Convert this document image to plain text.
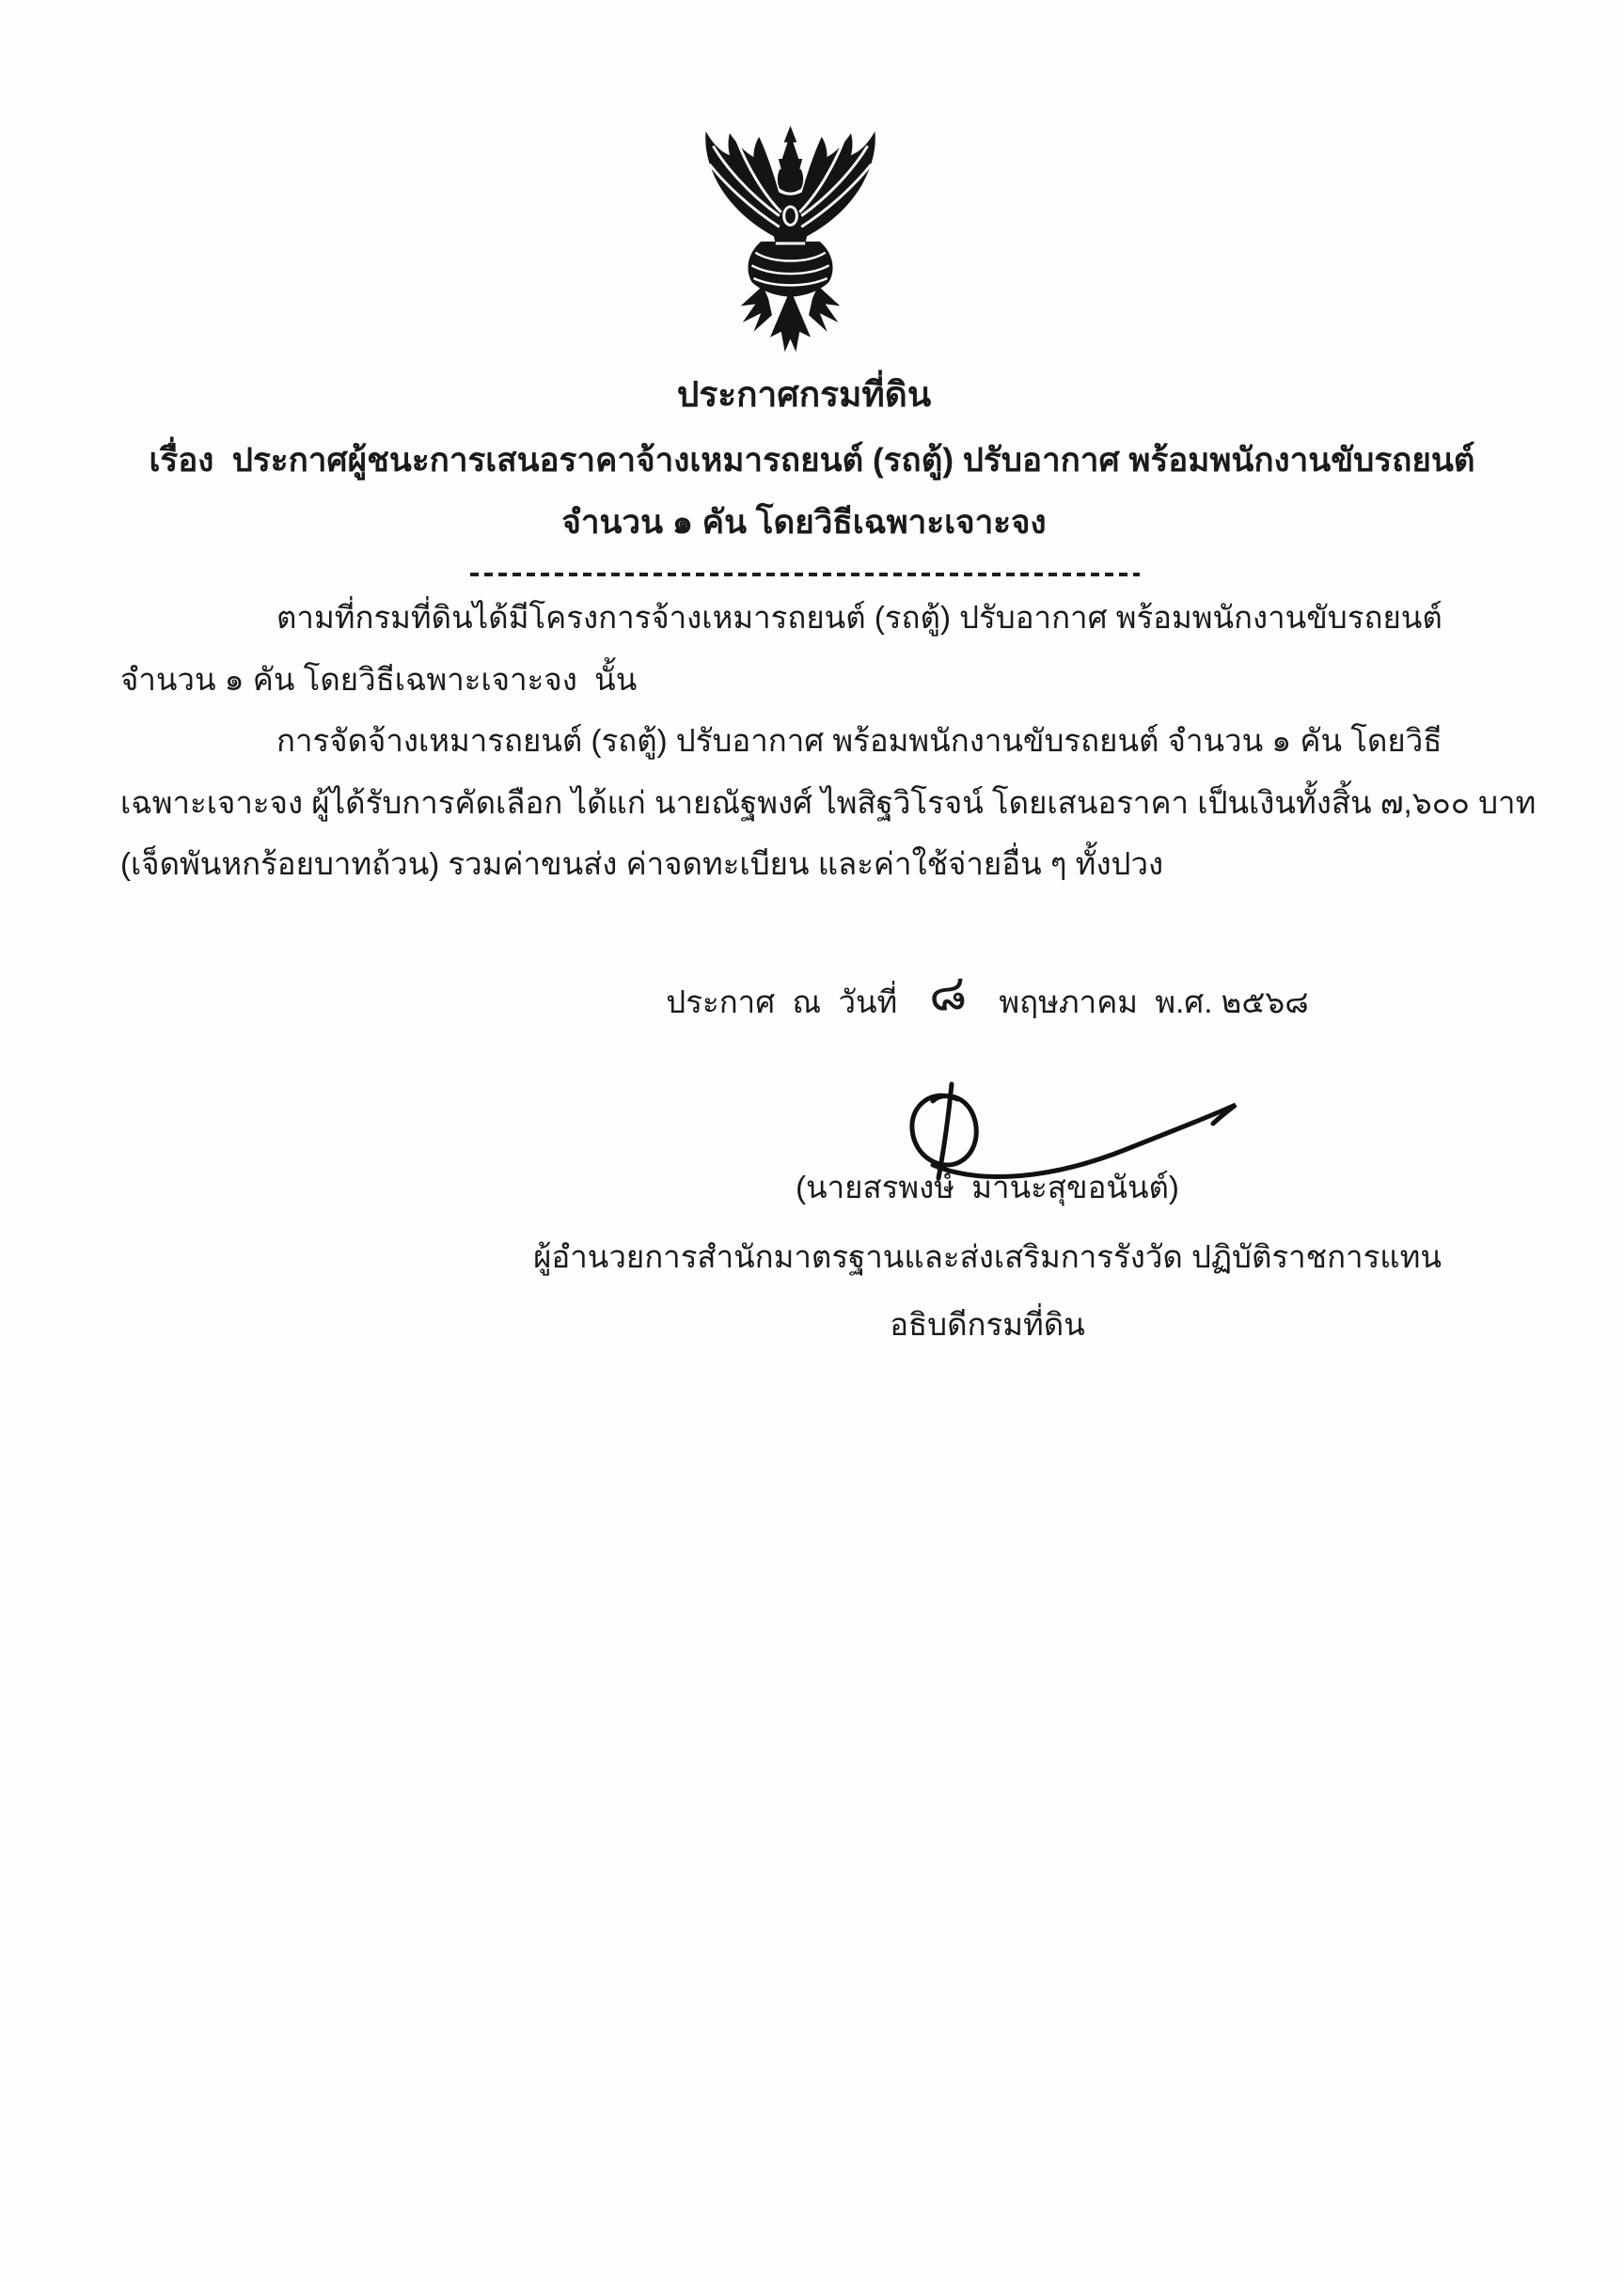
ประกาศกรมที่ดิน
เรื่อง  ประกาศผู้ชนะการเสนอราคาจ้างเหมารถยนต์ (รถตู้) ปรับอากาศ พร้อมพนักงานขับรถยนต์
จำนวน ๑ คัน โดยวิธีเฉพาะเจาะจง
ตามที่กรมที่ดินได้มีโครงการจ้างเหมารถยนต์ (รถตู้) ปรับอากาศ พร้อมพนักงานขับรถยนต์
จำนวน ๑ คัน โดยวิธีเฉพาะเจาะจง  นั้น
การจัดจ้างเหมารถยนต์ (รถตู้) ปรับอากาศ พร้อมพนักงานขับรถยนต์ จำนวน ๑ คัน โดยวิธี
เฉพาะเจาะจง ผู้ได้รับการคัดเลือก ได้แก่ นายณัฐพงศ์ ไพสิฐวิโรจน์ โดยเสนอราคา เป็นเงินทั้งสิ้น ๗,๖๐๐ บาท
(เจ็ดพันหกร้อยบาทถ้วน) รวมค่าขนส่ง ค่าจดทะเบียน และค่าใช้จ่ายอื่น ๆ ทั้งปวง
ประกาศ  ณ  วันที่ ๘ พฤษภาคม  พ.ศ. ๒๕๖๘
(นายสรพงษ์  มานะสุขอนันต์)
ผู้อำนวยการสำนักมาตรฐานและส่งเสริมการรังวัด ปฏิบัติราชการแทน
อธิบดีกรมที่ดิน
